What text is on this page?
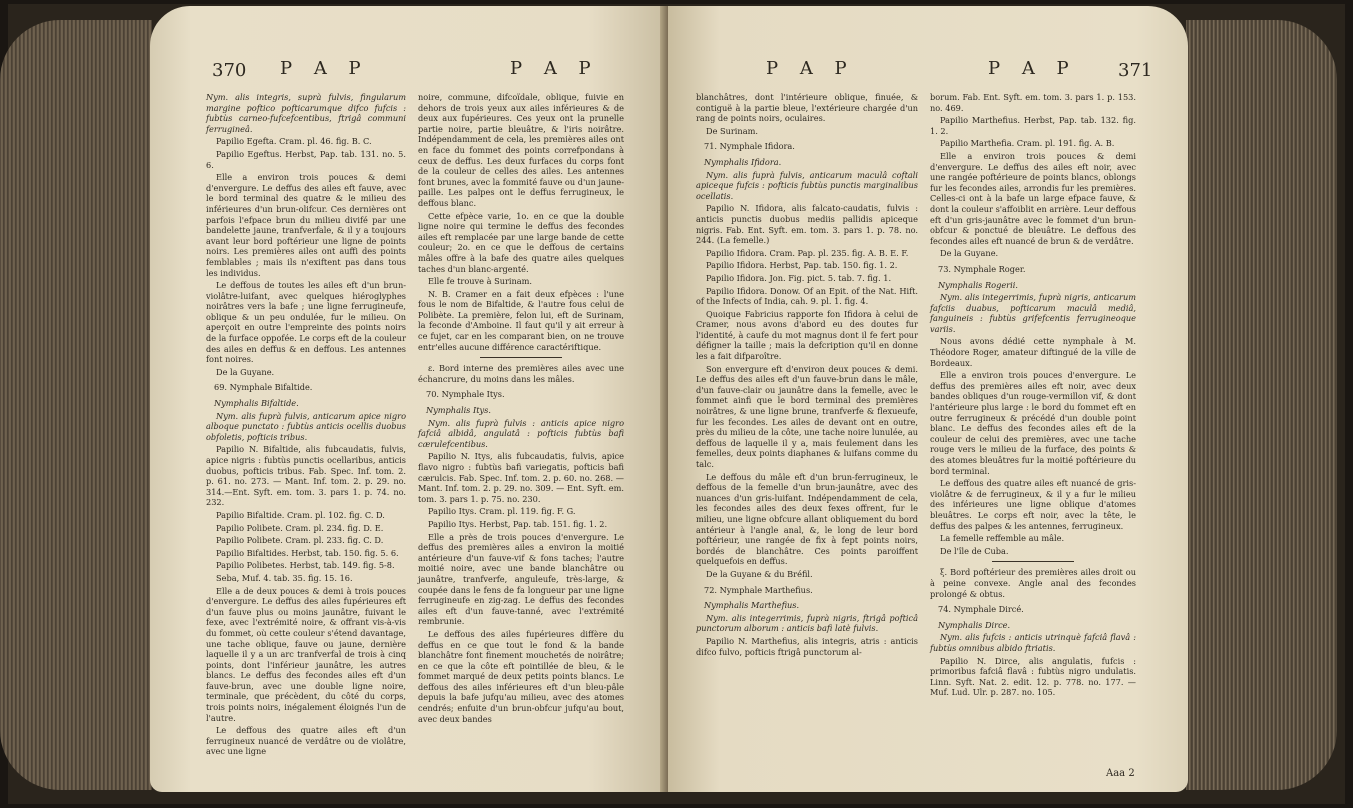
370 P A P	P A P

Nym. alis integris, suprà fulvis, fingularum margine poftico pofticarumque difco fufcis : fubtùs carneo-fufcefcentibus, ftrigâ communi ferrugineâ.

Papilio Egefta. Cram. pl. 46. fig. B. C.

Papilio Egeftus. Herbst, Pap. tab. 131. no. 5. 6.

Elle a environ trois pouces & demi d'envergure. Le deffus des ailes eft fauve, avec le bord terminal des quatre & le milieu des inférieures d'un brun-olifcur. Ces dernières ont parfois l'efpace brun du milieu divifé par une bandelette jaune, tranfverfale, & il y a toujours avant leur bord poftérieur une ligne de points noirs. Les premières ailes ont auffi des points femblables ; mais ils n'exiftent pas dans tous les individus.

Le deffous de toutes les ailes eft d'un brun-violâtre-luifant, avec quelques hiéroglyphes noirâtres vers la bafe ; une ligne ferrugineufe, oblique & un peu ondulée, fur le milieu. On aperçoit en outre l'empreinte des points noirs de la furface oppofée. Le corps eft de la couleur des ailes en deffus & en deffous. Les antennes font noires.

De la Guyane.

69. Nymphale Bifaltide.

Nymphalis Bifaltide.

Nym. alis fuprà fulvis, anticarum apice nigro alboque punctato : fubtùs anticis ocellis duobus obfoletis, pofticis tribus.

Papilio N. Bifaltide, alis fubcaudatis, fulvis, apice nigris : fubtùs punctis ocellaribus, anticis duobus, pofticis tribus. Fab. Spec. Inf. tom. 2. p. 61. no. 273. — Mant. Inf. tom. 2. p. 29. no. 314.—Ent. Syft. em. tom. 3. pars 1. p. 74. no. 232.

Papilio Bifaltide. Cram. pl. 102. fig. C. D.

Papilio Polibete. Cram. pl. 234. fig. D. E.

Papilio Polibete. Cram. pl. 233. fig. C. D.

Papilio Bifaltides. Herbst, tab. 150. fig. 5. 6.

Papilio Polibetes. Herbst, tab. 149. fig. 5-8.

Seba, Muf. 4. tab. 35. fig. 15. 16.

Elle a de deux pouces & demi à trois pouces d'envergure. Le deffus des ailes fupérieures eft d'un fauve plus ou moins jaunâtre, fuivant le fexe, avec l'extrémité noire, & offrant vis-à-vis du fommet, où cette couleur s'étend davantage, une tache oblique, fauve ou jaune, dernière laquelle il y a un arc tranfverfal de trois à cinq points, dont l'inférieur jaunâtre, les autres blancs. Le deffus des fecondes ailes eft d'un fauve-brun, avec une double ligne noire, terminale, que précèdent, du côté du corps, trois points noirs, inégalement éloignés l'un de l'autre.

Le deffous des quatre ailes eft d'un ferrugineux nuancé de verdâtre ou de violâtre, avec une ligne

noire, commune, difcoïdale, oblique, fuivie en dehors de trois yeux aux ailes inférieures & de deux aux fupérieures. Ces yeux ont la prunelle partie noire, partie bleuâtre, & l'iris noirâtre. Indépendamment de cela, les premières ailes ont en face du fommet des points correfpondans à ceux de deffus. Les deux furfaces du corps font de la couleur de celles des ailes. Les antennes font brunes, avec la fommité fauve ou d'un jaune-paille. Les palpes ont le deffus ferrugineux, le deffous blanc.

Cette efpèce varie, 1o. en ce que la double ligne noire qui termine le deffus des fecondes ailes eft remplacée par une large bande de cette couleur; 2o. en ce que le deffous de certains mâles offre à la bafe des quatre ailes quelques taches d'un blanc-argenté.

Elle fe trouve à Surinam.

N. B. Cramer en a fait deux efpèces : l'une fous le nom de Bifaltide, & l'autre fous celui de Polibète. La première, felon lui, eft de Surinam, la feconde d'Amboine. Il faut qu'il y ait erreur à ce fujet, car en les comparant bien, on ne trouve entr'elles aucune différence caractériftique.

ε. Bord interne des premières ailes avec une échancrure, du moins dans les mâles.

70. Nymphale Itys.

Nymphalis Itys.

Nym. alis fuprà fulvis : anticis apice nigro fafciâ albidâ, angulatâ : pofticis fubtùs bafi cærulefcentibus.

Papilio N. Itys, alis fubcaudatis, fulvis, apice flavo nigro : fubtùs bafi variegatis, pofticis bafi cærulcis. Fab. Spec. Inf. tom. 2. p. 60. no. 268. — Mant. Inf. tom. 2. p. 29. no. 309. — Ent. Syft. em. tom. 3. pars 1. p. 75. no. 230.

Papilio Itys. Cram. pl. 119. fig. F. G.

Papilio Itys. Herbst, Pap. tab. 151. fig. 1. 2.

Elle a près de trois pouces d'envergure. Le deffus des premières ailes a environ la moitié antérieure d'un fauve-vif & fons taches; l'autre moitié noire, avec une bande blanchâtre ou jaunâtre, tranfverfe, anguleufe, très-large, & coupée dans le fens de fa longueur par une ligne ferrugineufe en zig-zag. Le deffus des fecondes ailes eft d'un fauve-tanné, avec l'extrémité rembrunie.

Le deffous des ailes fupérieures diffère du deffus en ce que tout le fond & la bande blanchâtre font finement mouchetés de noirâtre; en ce que la côte eft pointillée de bleu, & le fommet marqué de deux petits points blancs. Le deffous des ailes inférieures eft d'un bleu-pâle depuis la bafe jufqu'au milieu, avec des atomes cendrés; enfuite d'un brun-obfcur jufqu'au bout, avec deux bandes

P A P	P A P 371

blanchâtres, dont l'intérieure oblique, finuée, & contiguë à la partie bleue, l'extérieure chargée d'un rang de points noirs, oculaires.

De Surinam.

71. Nymphale Ifidora.

Nymphalis Ifidora.

Nym. alis fuprà fulvis, anticarum maculâ coftali apiceque fufcis : pofticis fubtùs punctis marginalibus ocellatis.

Papilio N. Ifidora, alis falcato-caudatis, fulvis : anticis punctis duobus mediis pallidis apiceque nigris. Fab. Ent. Syft. em. tom. 3. pars 1. p. 78. no. 244. (La femelle.)

Papilio Ifidora. Cram. Pap. pl. 235. fig. A. B. E. F.

Papilio Ifidora. Herbst, Pap. tab. 150. fig. 1. 2.

Papilio Ifidora. Jon. Fig. pict. 5. tab. 7. fig. 1.

Papilio Ifidora. Donow. Of an Epit. of the Nat. Hift. of the Infects of India, cah. 9. pl. 1. fig. 4.

Quoique Fabricius rapporte fon Ifidora à celui de Cramer, nous avons d'abord eu des doutes fur l'identité, à caufe du mot magnus dont il fe fert pour défigner la taille ; mais la defcription qu'il en donne les a fait difparoître.

Son envergure eft d'environ deux pouces & demi. Le deffus des ailes eft d'un fauve-brun dans le mâle, d'un fauve-clair ou jaunâtre dans la femelle, avec le fommet ainfi que le bord terminal des premières noirâtres, & une ligne brune, tranfverfe & flexueufe, fur les fecondes. Les ailes de devant ont en outre, près du milieu de la côte, une tache noire lunulée, au deffous de laquelle il y a, mais feulement dans les femelles, deux points diaphanes & luifans comme du talc.

Le deffous du mâle eft d'un brun-ferrugineux, le deffous de la femelle d'un brun-jaunâtre, avec des nuances d'un gris-luifant. Indépendamment de cela, les fecondes ailes des deux fexes offrent, fur le milieu, une ligne obfcure allant obliquement du bord antérieur à l'angle anal, &, le long de leur bord poftérieur, une rangée de fix à fept points noirs, bordés de blanchâtre. Ces points paroiffent quelquefois en deffus.

De la Guyane & du Bréfil.

72. Nymphale Marthefius.

Nymphalis Marthefius.

Nym. alis integerrimis, fuprà nigris, ftrigâ pofticâ punctorum alborum : anticis bafi latè fulvis.

Papilio N. Marthefius, alis integris, atris : anticis difco fulvo, pofticis ftrigâ punctorum al-

borum. Fab. Ent. Syft. em. tom. 3. pars 1. p. 153. no. 469.

Papilio Marthefius. Herbst, Pap. tab. 132. fig. 1. 2.

Papilio Marthefia. Cram. pl. 191. fig. A. B.

Elle a environ trois pouces & demi d'envergure. Le deffus des ailes eft noir, avec une rangée poftérieure de points blancs, oblongs fur les fecondes ailes, arrondis fur les premières. Celles-ci ont à la bafe un large efpace fauve, & dont la couleur s'affoiblit en arrière. Leur deffous eft d'un gris-jaunâtre avec le fommet d'un brun-obfcur & ponctué de bleuâtre. Le deffous des fecondes ailes eft nuancé de brun & de verdâtre.

De la Guyane.

73. Nymphale Roger.

Nymphalis Rogerii.

Nym. alis integerrimis, fuprà nigris, anticarum fafciis duabus, pofticarum maculâ mediâ, fanguineis : fubtùs grifefcentis ferrugineoque variis.

Nous avons dédié cette nymphale à M. Théodore Roger, amateur diftingué de la ville de Bordeaux.

Elle a environ trois pouces d'envergure. Le deffus des premières ailes eft noir, avec deux bandes obliques d'un rouge-vermillon vif, & dont l'antérieure plus large : le bord du fommet eft en outre ferrugineux & précédé d'un double point blanc. Le deffus des fecondes ailes eft de la couleur de celui des premières, avec une tache rouge vers le milieu de la furface, des points & des atomes bleuâtres fur la moitié poftérieure du bord terminal.

Le deffous des quatre ailes eft nuancé de gris-violâtre & de ferrugineux, & il y a fur le milieu des inférieures une ligne oblique d'atomes bleuâtres. Le corps eft noir, avec la tête, le deffus des palpes & les antennes, ferrugineux.

La femelle reffemble au mâle.

De l'île de Cuba.

ξ. Bord poftérieur des premières ailes droit ou à peine convexe. Angle anal des fecondes prolongé & obtus.

74. Nymphale Dircé.

Nymphalis Dirce.

Nym. alis fufcis : anticis utrinquè fafciâ flavâ : fubtùs omnibus albido ftriatis.

Papilio N. Dirce, alis angulatis, fufcis : primoribus fafciâ flavâ : fubtùs nigro undulatis. Linn. Syft. Nat. 2. edit. 12. p. 778. no. 177. — Muf. Lud. Ulr. p. 287. no. 105.

Aaa 2
